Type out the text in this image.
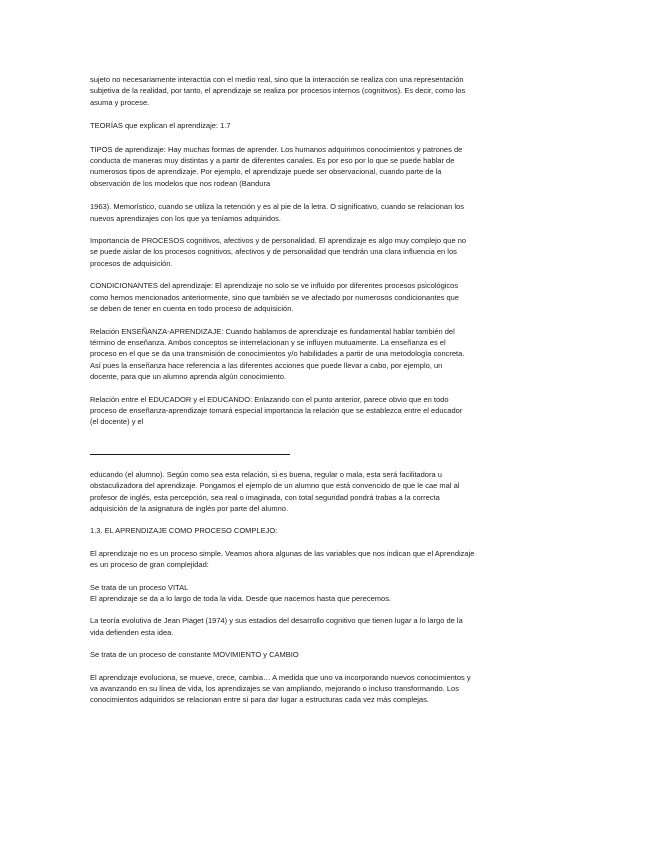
sujeto no necesariamente interactúa con el medio real, sino que la interacción se realiza con una representación
subjetiva de la realidad, por tanto, el aprendizaje se realiza por procesos internos (cognitivos). Es decir, como los
asuma y procese.

TEORÍAS que explican el aprendizaje: 1.7

TIPOS de aprendizaje: Hay muchas formas de aprender. Los humanos adquirimos conocimientos y patrones de
conducta de maneras muy distintas y a partir de diferentes canales. Es por eso por lo que se puede hablar de
numerosos tipos de aprendizaje. Por ejemplo, el aprendizaje puede ser observacional, cuando parte de la
observación de los modelos que nos rodean (Bandura

1963). Memorístico, cuando se utiliza la retención y es al pie de la letra. O significativo, cuando se relacionan los
nuevos aprendizajes con los que ya teníamos adquiridos.

Importancia de PROCESOS cognitivos, afectivos y de personalidad. El aprendizaje es algo muy complejo que no
se puede aislar de los procesos cognitivos, afectivos y de personalidad que tendrán una clara influencia en los
procesos de adquisición.

CONDICIONANTES del aprendizaje: El aprendizaje no solo se ve influido por diferentes procesos psicológicos
como hemos mencionados anteriormente, sino que también se ve afectado por numerosos condicionantes que
se deben de tener en cuenta en todo proceso de adquisición.

Relación ENSEÑANZA-APRENDIZAJE: Cuando hablamos de aprendizaje es fundamental hablar también del
término de enseñanza. Ambos conceptos se interrelacionan y se influyen mutuamente. La enseñanza es el
proceso en el que se da una transmisión de conocimientos y/o habilidades a partir de una metodología concreta.
Así pues la enseñanza hace referencia a las diferentes acciones que puede llevar a cabo, por ejemplo, un
docente, para que un alumno aprenda algún conocimiento.

Relación entre el EDUCADOR y el EDUCANDO: Enlazando con el punto anterior, parece obvio que en todo
proceso de enseñanza-aprendizaje tomará especial importancia la relación que se establezca entre el educador
(el docente) y el

educando (el alumno). Según como sea esta relación, si es buena, regular o mala, esta será facilitadora u
obstaculizadora del aprendizaje. Pongamos el ejemplo de un alumno que está convencido de que le cae mal al
profesor de inglés, esta percepción, sea real o imaginada, con total seguridad pondrá trabas a la correcta
adquisición de la asignatura de inglés por parte del alumno.

1.3. EL APRENDIZAJE COMO PROCESO COMPLEJO:

El aprendizaje no es un proceso simple. Veamos ahora algunas de las variables que nos indican que el Aprendizaje
es un proceso de gran complejidad:

Se trata de un proceso VITAL
El aprendizaje se da a lo largo de toda la vida. Desde que nacemos hasta que perecemos.

La teoría evolutiva de Jean Piaget (1974) y sus estadios del desarrollo cognitivo que tienen lugar a lo largo de la
vida defienden esta idea.

Se trata de un proceso de constante MOVIMIENTO y CAMBIO

El aprendizaje evoluciona, se mueve, crece, cambia… A medida que uno va incorporando nuevos conocimientos y
va avanzando en su línea de vida, los aprendizajes se van ampliando, mejorando o incluso transformando. Los
conocimientos adquiridos se relacionan entre sí para dar lugar a estructuras cada vez más complejas.
